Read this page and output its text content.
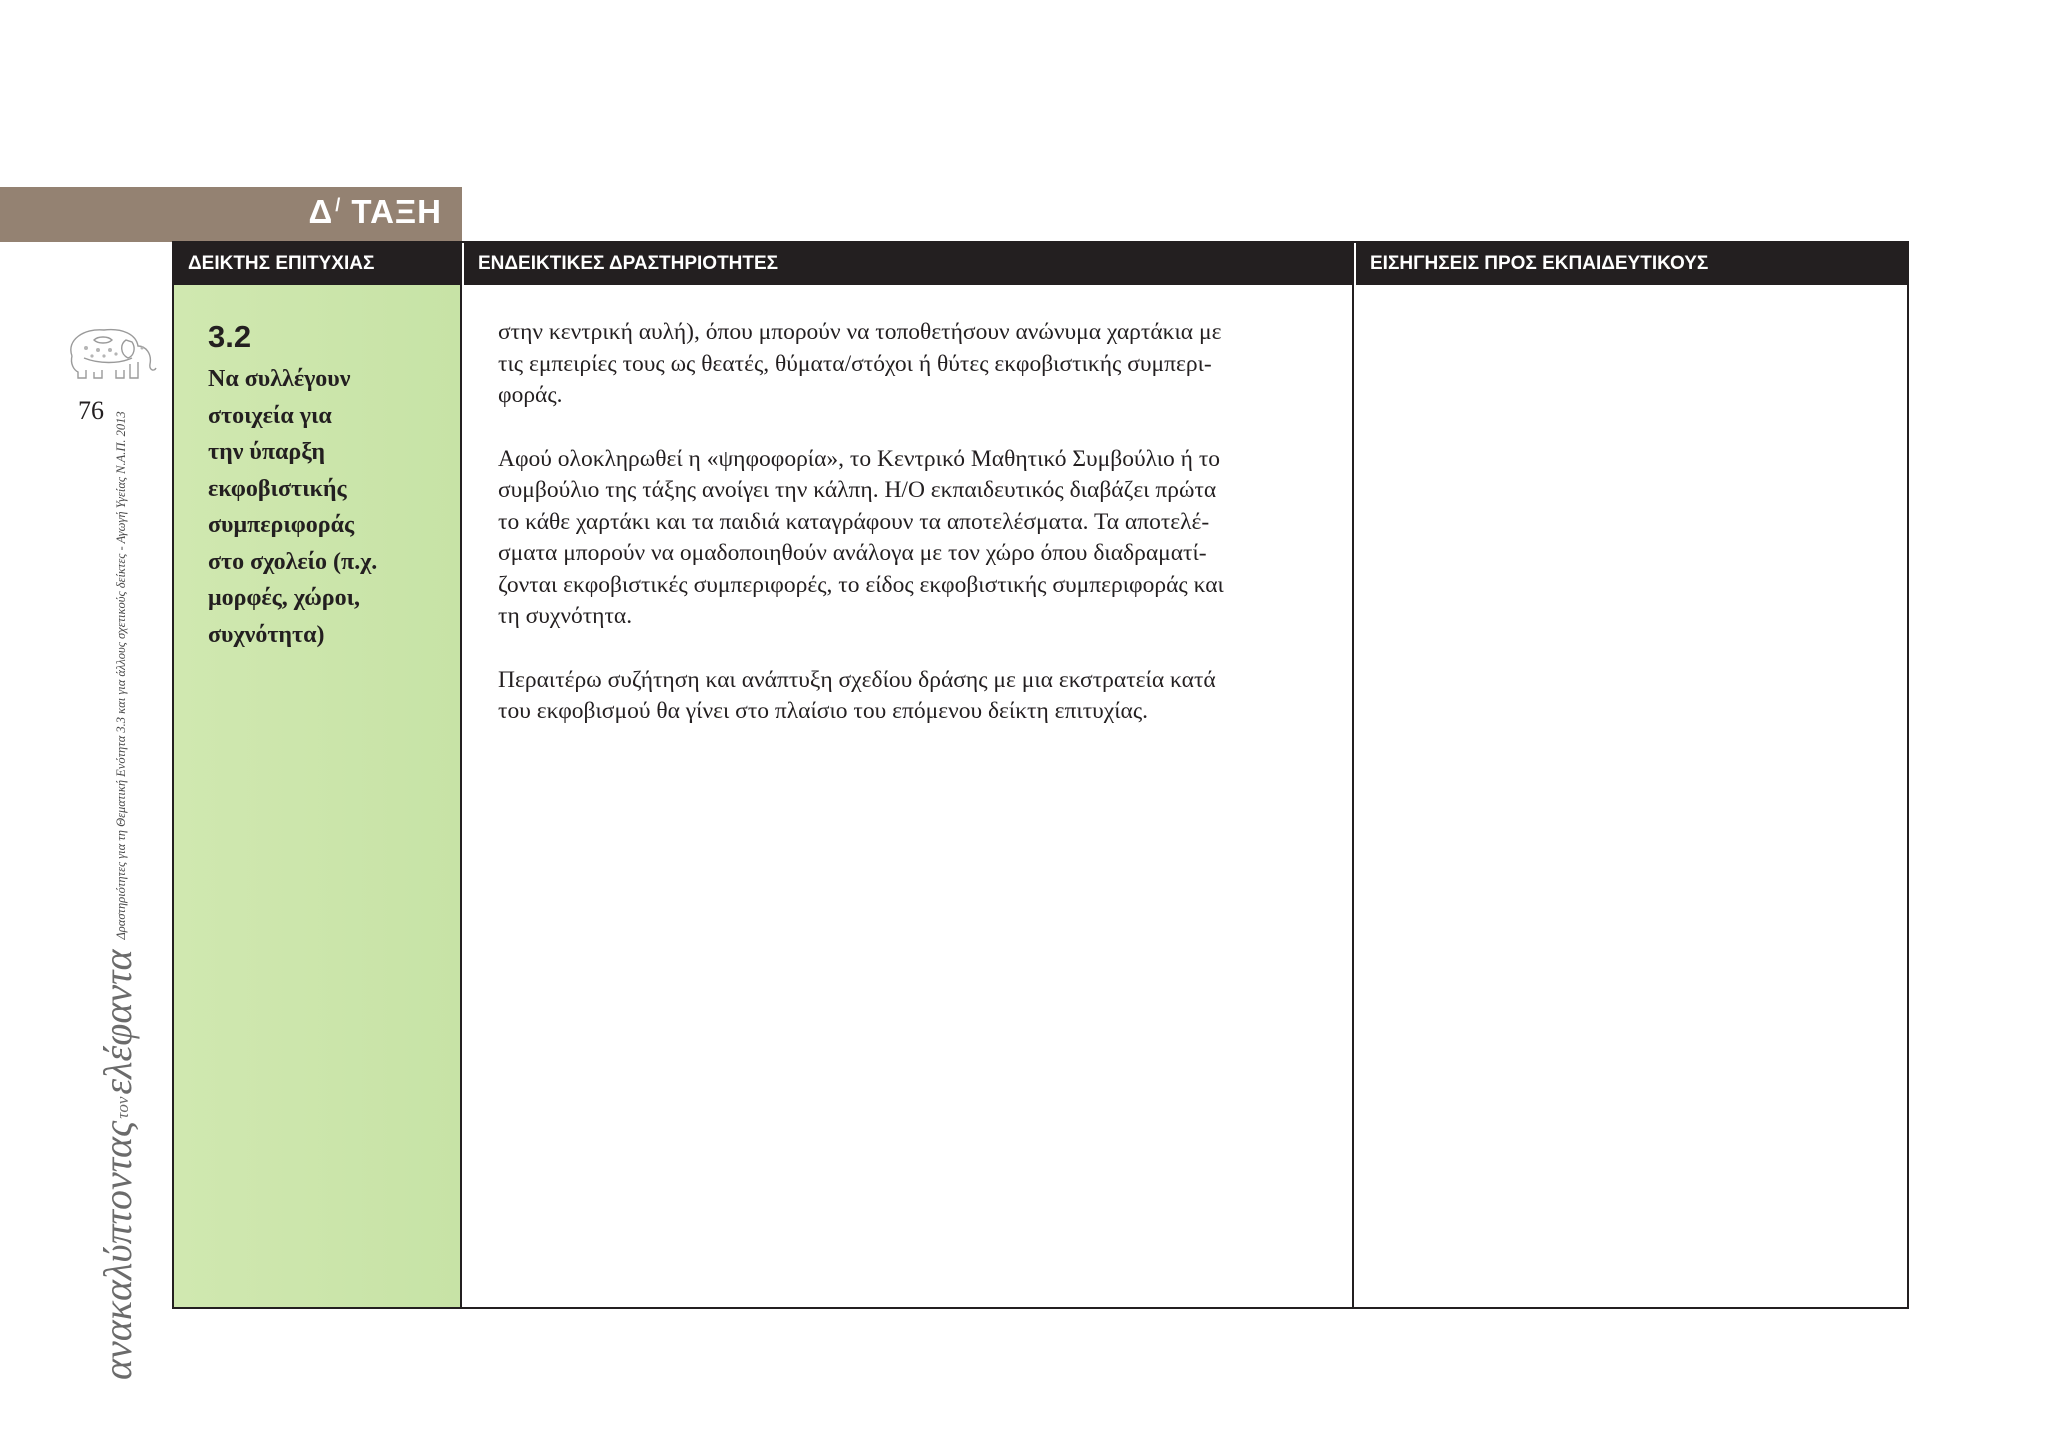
Δ / ΤΑΞΗ
ΔΕΙΚΤΗΣ ΕΠΙΤΥΧΙΑΣ	ΕΝΔΕΙΚΤΙΚΕΣ ΔΡΑΣΤΗΡΙΟΤΗΤΕΣ	ΕΙΣΗΓΗΣΕΙΣ ΠΡΟΣ ΕΚΠΑΙΔΕΥΤΙΚΟΥΣ
3.2
Να συλλέγουν
στοιχεία για
την ύπαρξη
εκφοβιστικής
συμπεριφοράς
στο σχολείο (π.χ.
μορφές, χώροι,
συχνότητα)
στην κεντρική αυλή), όπου μπορούν να τοποθετήσουν ανώνυμα χαρτάκια με
τις εμπειρίες τους ως θεατές, θύματα/στόχοι ή θύτες εκφοβιστικής συμπερι-
φοράς.
Αφού ολοκληρωθεί η «ψηφοφορία», το Κεντρικό Μαθητικό Συμβούλιο ή το
συμβούλιο της τάξης ανοίγει την κάλπη. Η/Ο εκπαιδευτικός διαβάζει πρώτα
το κάθε χαρτάκι και τα παιδιά καταγράφουν τα αποτελέσματα. Τα αποτελέ-
σματα μπορούν να ομαδοποιηθούν ανάλογα με τον χώρο όπου διαδραματί-
ζονται εκφοβιστικές συμπεριφορές, το είδος εκφοβιστικής συμπεριφοράς και
τη συχνότητα.
Περαιτέρω συζήτηση και ανάπτυξη σχεδίου δράσης με μια εκστρατεία κατά
του εκφοβισμού θα γίνει στο πλαίσιο του επόμενου δείκτη επιτυχίας.
76
ανακαλύπτονταςτονελέφαντα$^{\Delta\rho\alpha\sigma\tau\eta\rho\iota ό\tau\eta\tau\varepsilon\varsigma \gamma\iota\alpha \tau\eta \Theta\varepsilon\mu\alpha\tau\iota\kappa ή E\nu ό\tau\eta\tau\alpha 3.3 \kappa\alpha\iota \gamma\iota\alpha ά\lambda\lambda o\upsilon\varsigma \sigma\chi\varepsilon\tau\iota\kappa oύ\varsigma \delta\varepsilon ί\kappa\tau\varepsilon\varsigma - A\gamma\omega\gamma ή \Upsilon\gamma\varepsilon ί\alpha\varsigma N.A.\Pi. 2013}$
